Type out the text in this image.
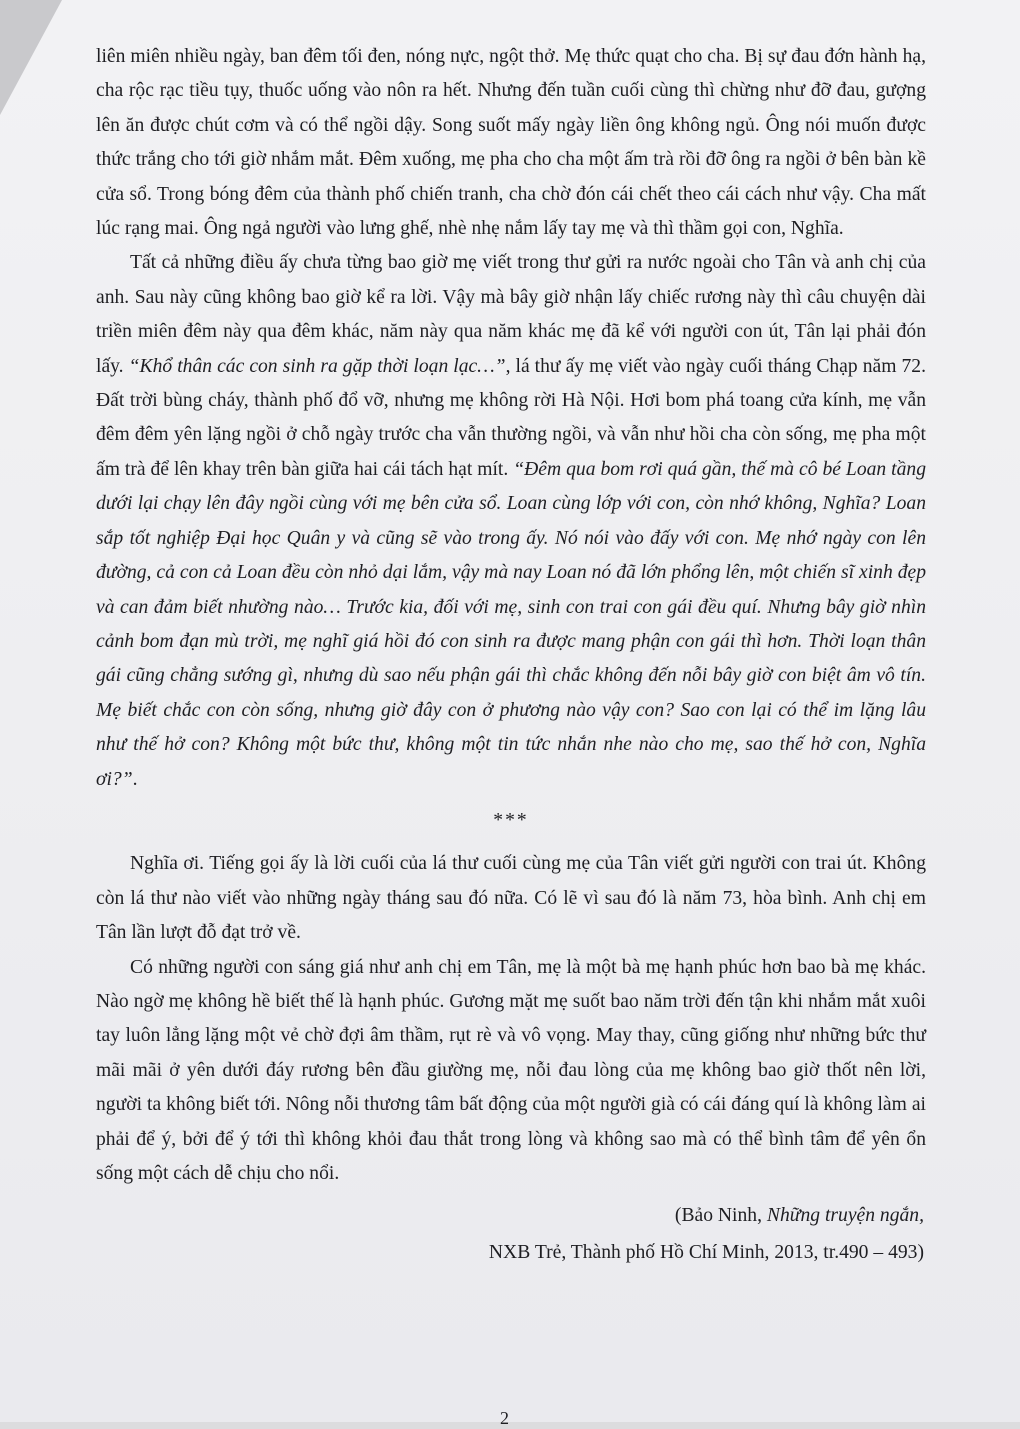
liên miên nhiều ngày, ban đêm tối đen, nóng nực, ngột thở. Mẹ thức quạt cho cha. Bị sự đau đớn hành hạ, cha rộc rạc tiều tụy, thuốc uống vào nôn ra hết. Nhưng đến tuần cuối cùng thì chừng như đỡ đau, gượng lên ăn được chút cơm và có thể ngồi dậy. Song suốt mấy ngày liền ông không ngủ. Ông nói muốn được thức trắng cho tới giờ nhắm mắt. Đêm xuống, mẹ pha cho cha một ấm trà rồi đỡ ông ra ngồi ở bên bàn kề cửa sổ. Trong bóng đêm của thành phố chiến tranh, cha chờ đón cái chết theo cái cách như vậy. Cha mất lúc rạng mai. Ông ngả người vào lưng ghế, nhè nhẹ nắm lấy tay mẹ và thì thầm gọi con, Nghĩa.

Tất cả những điều ấy chưa từng bao giờ mẹ viết trong thư gửi ra nước ngoài cho Tân và anh chị của anh. Sau này cũng không bao giờ kể ra lời. Vậy mà bây giờ nhận lấy chiếc rương này thì câu chuyện dài triền miên đêm này qua đêm khác, năm này qua năm khác mẹ đã kể với người con út, Tân lại phải đón lấy. “Khổ thân các con sinh ra gặp thời loạn lạc…”, lá thư ấy mẹ viết vào ngày cuối tháng Chạp năm 72. Đất trời bùng cháy, thành phố đổ vỡ, nhưng mẹ không rời Hà Nội. Hơi bom phá toang cửa kính, mẹ vẫn đêm đêm yên lặng ngồi ở chỗ ngày trước cha vẫn thường ngồi, và vẫn như hồi cha còn sống, mẹ pha một ấm trà để lên khay trên bàn giữa hai cái tách hạt mít. “Đêm qua bom rơi quá gần, thế mà cô bé Loan tầng dưới lại chạy lên đây ngồi cùng với mẹ bên cửa sổ. Loan cùng lớp với con, còn nhớ không, Nghĩa? Loan sắp tốt nghiệp Đại học Quân y và cũng sẽ vào trong ấy. Nó nói vào đấy với con. Mẹ nhớ ngày con lên đường, cả con cả Loan đều còn nhỏ dại lắm, vậy mà nay Loan nó đã lớn phổng lên, một chiến sĩ xinh đẹp và can đảm biết nhường nào… Trước kia, đối với mẹ, sinh con trai con gái đều quí. Nhưng bây giờ nhìn cảnh bom đạn mù trời, mẹ nghĩ giá hồi đó con sinh ra được mang phận con gái thì hơn. Thời loạn thân gái cũng chẳng sướng gì, nhưng dù sao nếu phận gái thì chắc không đến nỗi bây giờ con biệt âm vô tín. Mẹ biết chắc con còn sống, nhưng giờ đây con ở phương nào vậy con? Sao con lại có thể im lặng lâu như thế hở con? Không một bức thư, không một tin tức nhắn nhe nào cho mẹ, sao thế hở con, Nghĩa ơi?”.

***

Nghĩa ơi. Tiếng gọi ấy là lời cuối của lá thư cuối cùng mẹ của Tân viết gửi người con trai út. Không còn lá thư nào viết vào những ngày tháng sau đó nữa. Có lẽ vì sau đó là năm 73, hòa bình. Anh chị em Tân lần lượt đỗ đạt trở về.

Có những người con sáng giá như anh chị em Tân, mẹ là một bà mẹ hạnh phúc hơn bao bà mẹ khác. Nào ngờ mẹ không hề biết thế là hạnh phúc. Gương mặt mẹ suốt bao năm trời đến tận khi nhắm mắt xuôi tay luôn lẳng lặng một vẻ chờ đợi âm thầm, rụt rè và vô vọng. May thay, cũng giống như những bức thư mãi mãi ở yên dưới đáy rương bên đầu giường mẹ, nỗi đau lòng của mẹ không bao giờ thốt nên lời, người ta không biết tới. Nông nỗi thương tâm bất động của một người già có cái đáng quí là không làm ai phải để ý, bởi để ý tới thì không khỏi đau thắt trong lòng và không sao mà có thể bình tâm để yên ổn sống một cách dễ chịu cho nổi.

(Bảo Ninh, Những truyện ngắn,
NXB Trẻ, Thành phố Hồ Chí Minh, 2013, tr.490 – 493)
2
